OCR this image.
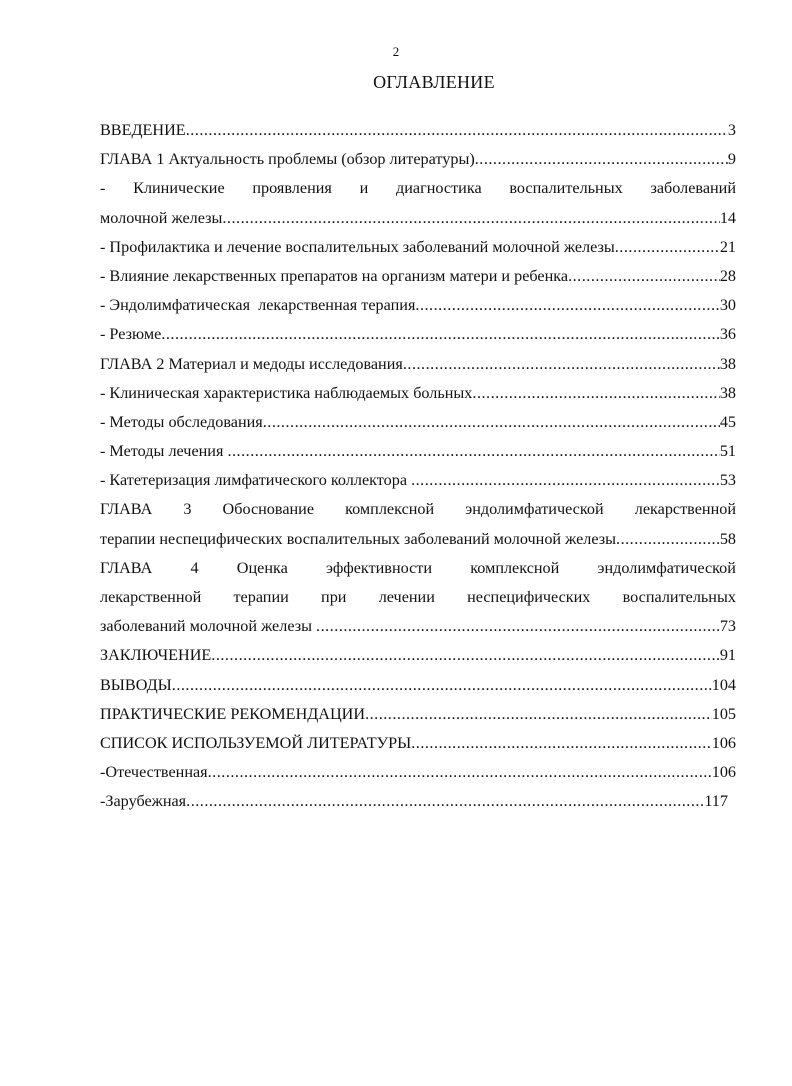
2
ОГЛАВЛЕНИЕ
ВВЕДЕНИЕ .....	3
ГЛАВА 1 Актуальность проблемы (обзор литературы) .....	9
- Клинические проявления и диагностика воспалительных заболеваний
молочной железы .....	14
- Профилактика и лечение воспалительных заболеваний молочной железы .....	21
- Влияние лекарственных препаратов на организм матери и ребенка .....	28
- Эндолимфатическая  лекарственная терапия .....	30
- Резюме .....	36
ГЛАВА 2 Материал и медоды исследования .....	38
- Клиническая характеристика наблюдаемых больных .....	38
- Методы обследования .....	45
- Методы лечения .....	51
- Катетеризация лимфатического коллектора .....	53
ГЛАВА 3 Обоснование комплексной эндолимфатической лекарственной
терапии неспецифических воспалительных заболеваний молочной железы .....	58
ГЛАВА 4 Оценка эффективности комплексной эндолимфатической
лекарственной терапии при лечении неспецифических воспалительных
заболеваний молочной железы .....	73
ЗАКЛЮЧЕНИЕ .....	91
ВЫВОДЫ .....	104
ПРАКТИЧЕСКИЕ РЕКОМЕНДАЦИИ .....	105
СПИСОК ИСПОЛЬЗУЕМОЙ ЛИТЕРАТУРЫ .....	106
-Отечественная .....	106
-Зарубежная .....	117
